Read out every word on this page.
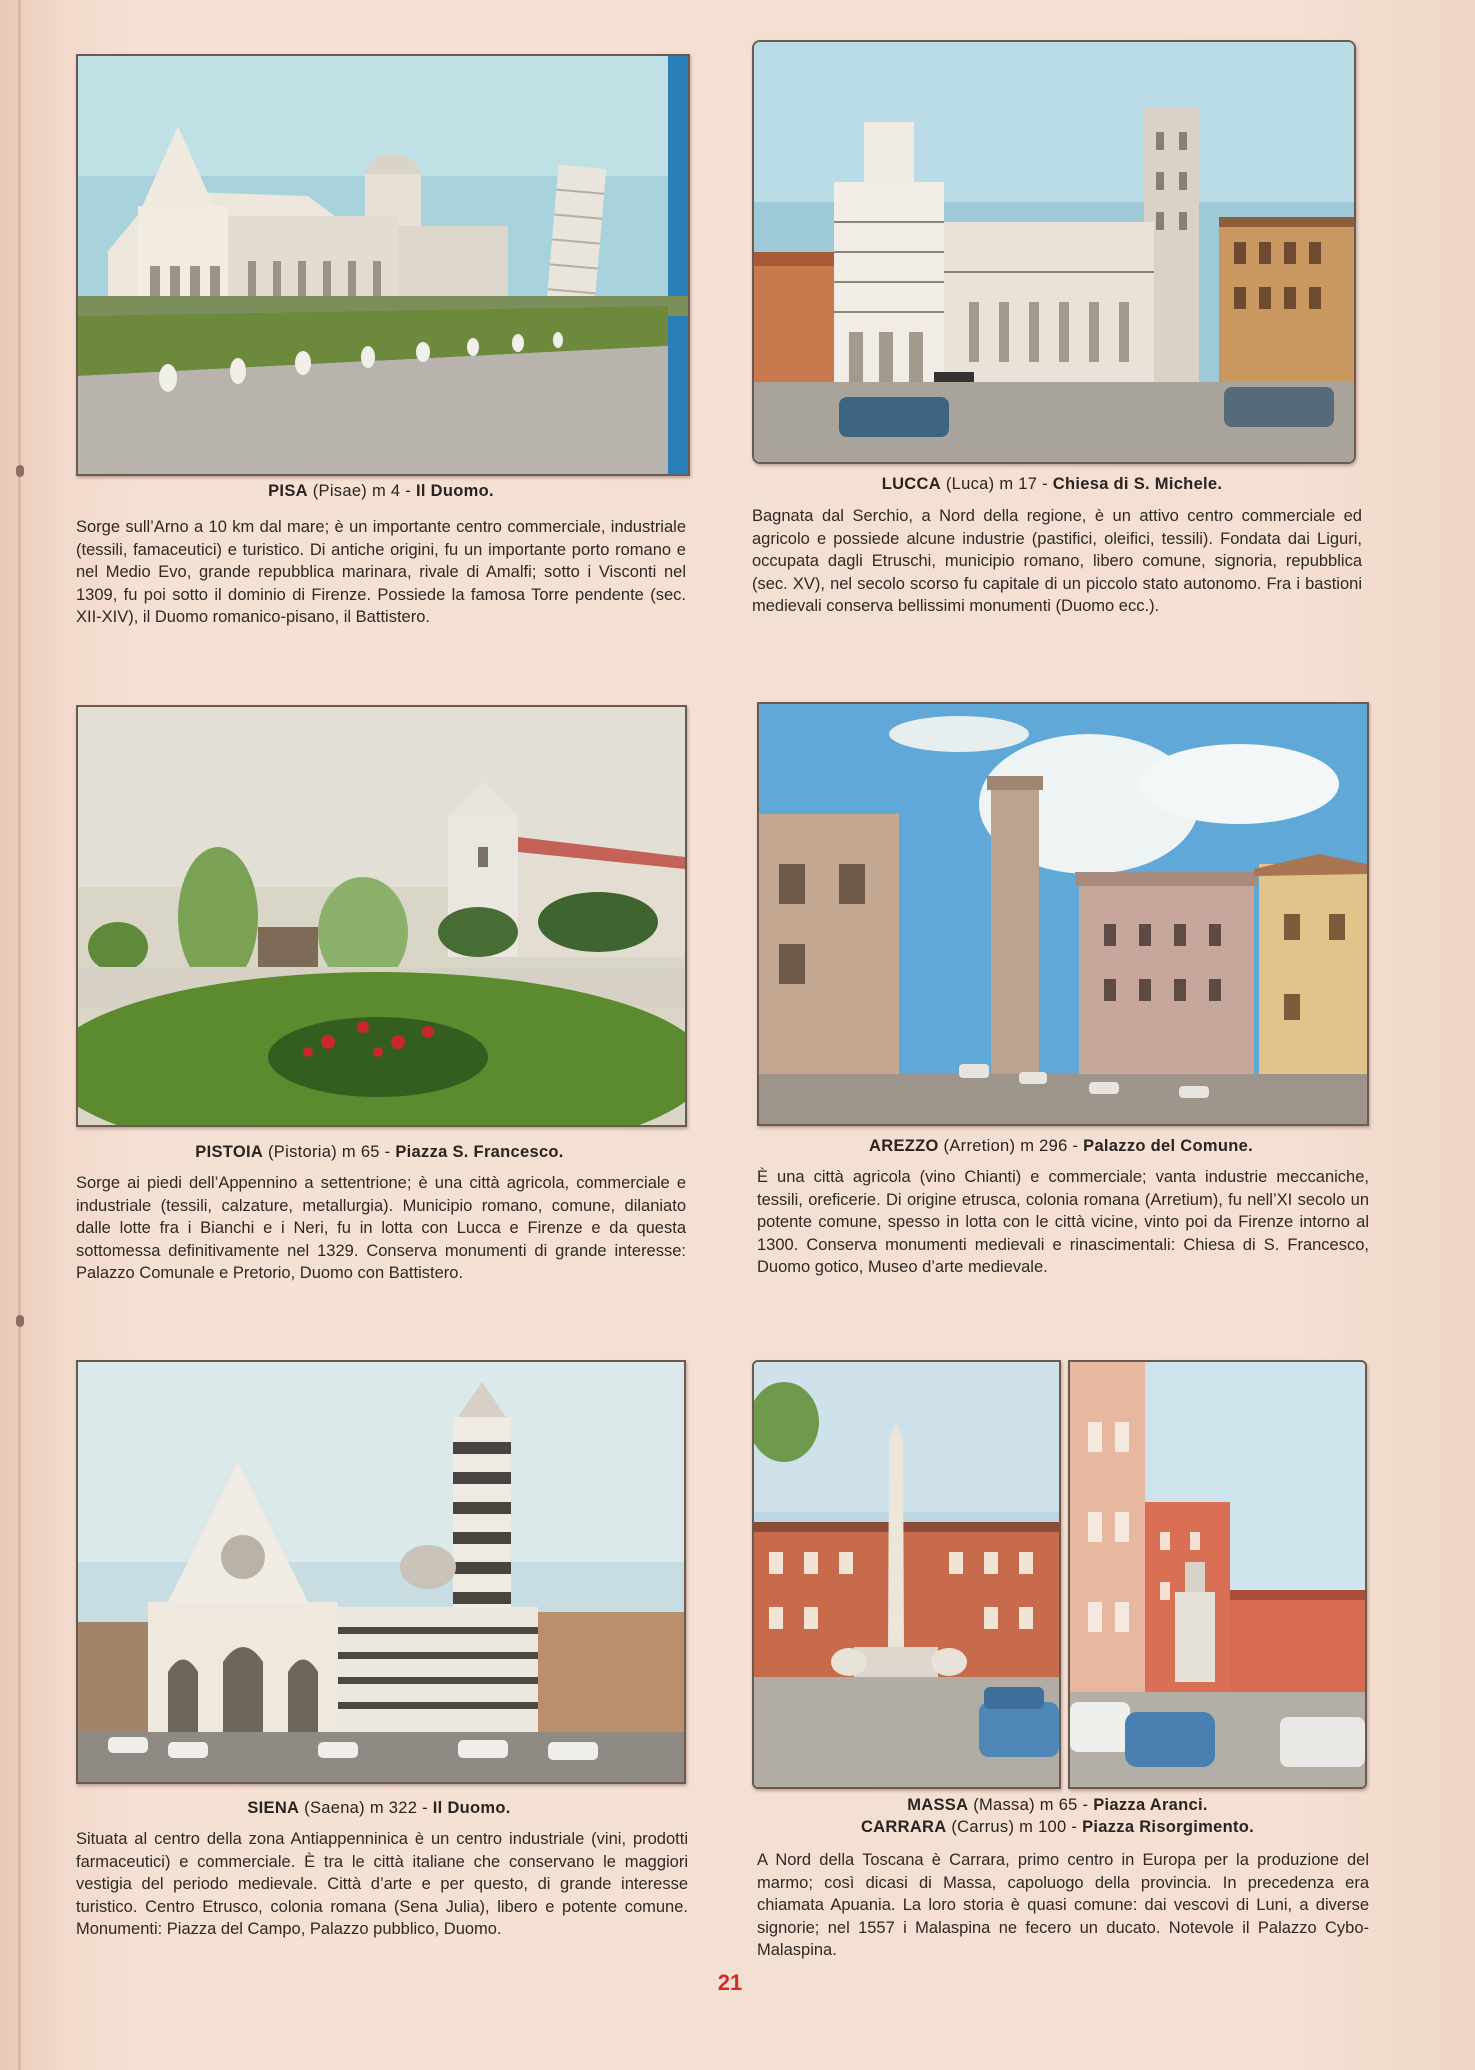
PISA (Pisae) m 4 - Il Duomo.
Sorge sull’Arno a 10 km dal mare; è un importante centro commerciale, industriale (tessili, famaceutici) e turistico. Di antiche origini, fu un importante porto romano e nel Medio Evo, grande repubblica marinara, rivale di Amalfi; sotto i Visconti nel 1309, fu poi sotto il dominio di Firenze. Possiede la famosa Torre pendente (sec. XII-XIV), il Duomo romanico-pisano, il Battistero.
LUCCA (Luca) m 17 - Chiesa di S. Michele.
Bagnata dal Serchio, a Nord della regione, è un attivo centro commerciale ed agricolo e possiede alcune industrie (pastifici, oleifici, tessili). Fondata dai Liguri, occupata dagli Etruschi, municipio romano, libero comune, signoria, repubblica (sec. XV), nel secolo scorso fu capitale di un piccolo stato autonomo. Fra i bastioni medievali conserva bellissimi monumenti (Duomo ecc.).
PISTOIA (Pistoria) m 65 - Piazza S. Francesco.
Sorge ai piedi dell’Appennino a settentrione; è una città agricola, commerciale e industriale (tessili, calzature, metallurgia). Municipio romano, comune, dilaniato dalle lotte fra i Bianchi e i Neri, fu in lotta con Lucca e Firenze e da questa sottomessa definitivamente nel 1329. Conserva monumenti di grande interesse: Palazzo Comunale e Pretorio, Duomo con Battistero.
AREZZO (Arretion) m 296 - Palazzo del Comune.
È una città agricola (vino Chianti) e commerciale; vanta industrie meccaniche, tessili, oreficerie. Di origine etrusca, colonia romana (Arretium), fu nell’XI secolo un potente comune, spesso in lotta con le città vicine, vinto poi da Firenze intorno al 1300. Conserva monumenti medievali e rinascimentali: Chiesa di S. Francesco, Duomo gotico, Museo d’arte medievale.
SIENA (Saena) m 322 - Il Duomo.
Situata al centro della zona Antiappenninica è un centro industriale (vini, prodotti farmaceutici) e commerciale. È tra le città italiane che conservano le maggiori vestigia del periodo medievale. Città d’arte e per questo, di grande interesse turistico. Centro Etrusco, colonia romana (Sena Julia), libero e potente comune. Monumenti: Piazza del Campo, Palazzo pubblico, Duomo.
MASSA (Massa) m 65 - Piazza Aranci.
CARRARA (Carrus) m 100 - Piazza Risorgimento.
A Nord della Toscana è Carrara, primo centro in Europa per la produzione del marmo; così dicasi di Massa, capoluogo della provincia. In precedenza era chiamata Apuania. La loro storia è quasi comune: dai vescovi di Luni, a diverse signorie; nel 1557 i Malaspina ne fecero un ducato. Notevole il Palazzo Cybo-Malaspina.
21
